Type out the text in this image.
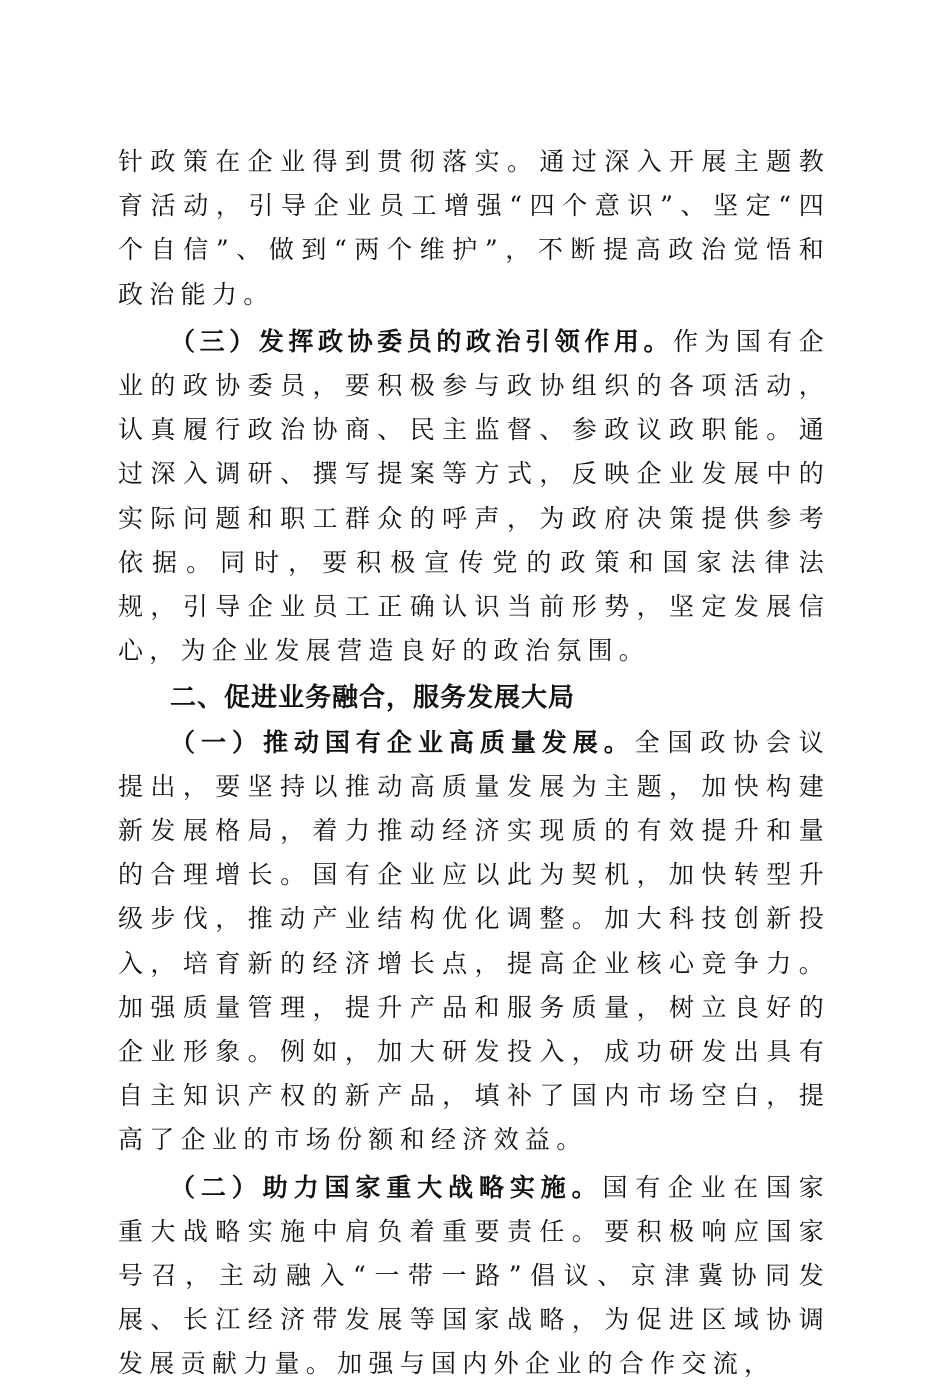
针政策在企业得到贯彻落实。通过深入开展主题教育活动，引导企业员工增强“四个意识”、坚定“四个自信”、做到“两个维护”，不断提高政治觉悟和政治能力。

（三）发挥政协委员的政治引领作用。作为国有企业的政协委员，要积极参与政协组织的各项活动，认真履行政治协商、民主监督、参政议政职能。通过深入调研、撰写提案等方式，反映企业发展中的实际问题和职工群众的呼声，为政府决策提供参考依据。同时，要积极宣传党的政策和国家法律法规，引导企业员工正确认识当前形势，坚定发展信心，为企业发展营造良好的政治氛围。

二、促进业务融合，服务发展大局

（一）推动国有企业高质量发展。全国政协会议提出，要坚持以推动高质量发展为主题，加快构建新发展格局，着力推动经济实现质的有效提升和量的合理增长。国有企业应以此为契机，加快转型升级步伐，推动产业结构优化调整。加大科技创新投入，培育新的经济增长点，提高企业核心竞争力。加强质量管理，提升产品和服务质量，树立良好的企业形象。例如，加大研发投入，成功研发出具有自主知识产权的新产品，填补了国内市场空白，提高了企业的市场份额和经济效益。

（二）助力国家重大战略实施。国有企业在国家重大战略实施中肩负着重要责任。要积极响应国家号召，主动融入“一带一路”倡议、京津冀协同发展、长江经济带发展等国家战略，为促进区域协调发展贡献力量。加强与国内外企业的合作交流，
